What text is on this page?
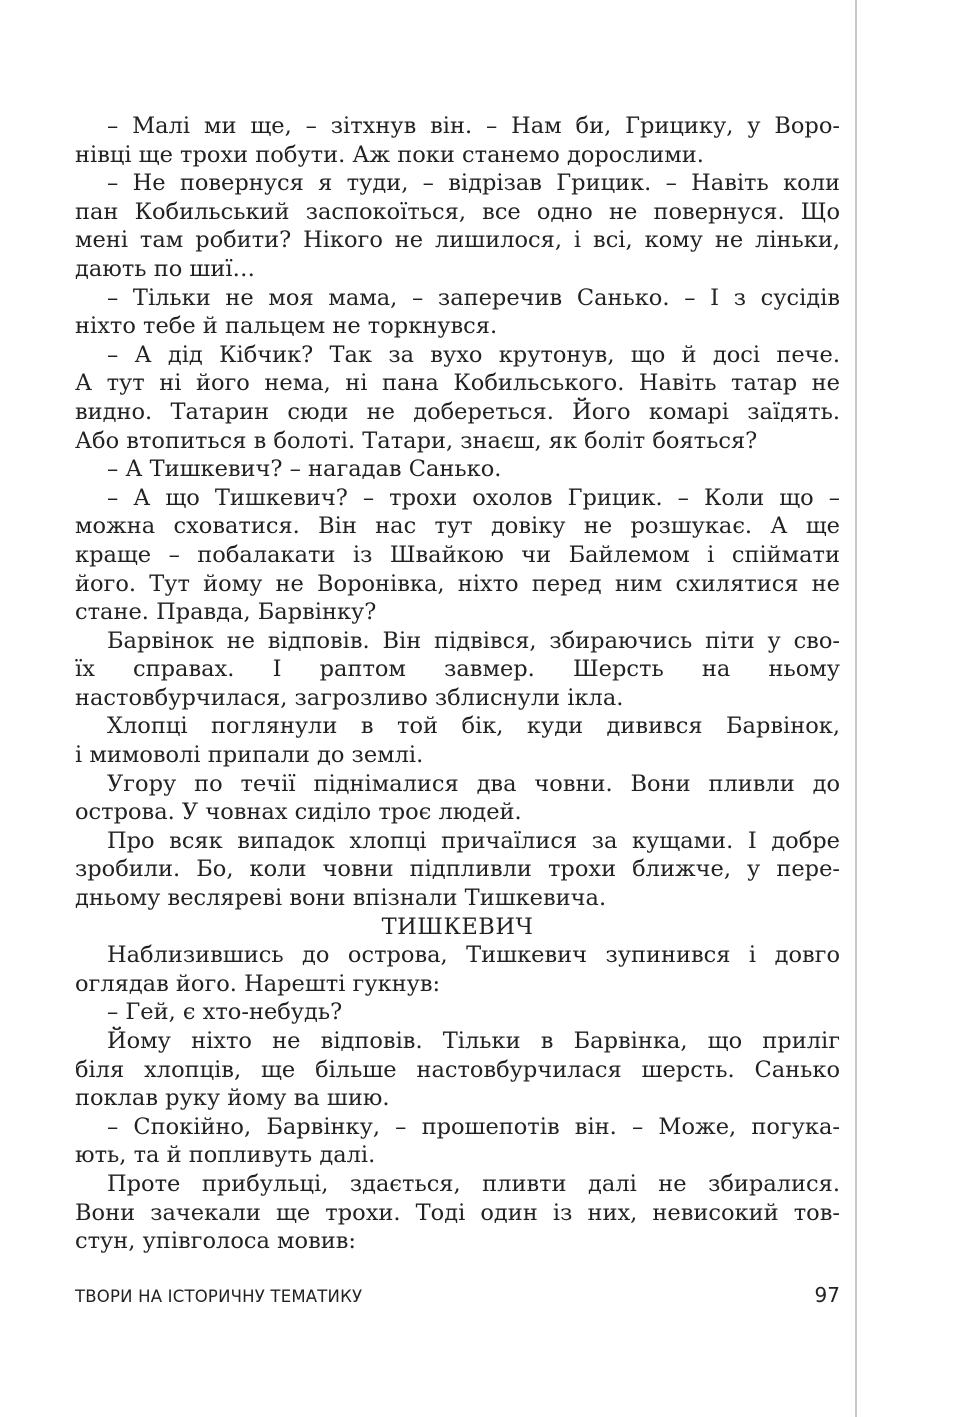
– Малі ми ще, – зітхнув він. – Нам би, Грицику, у Воро-
нівці ще трохи побути. Аж поки станемо дорослими.
– Не повернуся я туди, – відрізав Грицик. – Навіть коли
пан Кобильський заспокоїться, все одно не повернуся. Що
мені там робити? Нікого не лишилося, і всі, кому не ліньки,
дають по шиї…
– Тільки не моя мама, – заперечив Санько. – І з сусідів
ніхто тебе й пальцем не торкнувся.
– А дід Кібчик? Так за вухо крутонув, що й досі пече.
А тут ні його нема, ні пана Кобильського. Навіть татар не
видно. Татарин сюди не добереться. Його комарі заїдять.
Або втопиться в болоті. Татари, знаєш, як боліт бояться?
– А Тишкевич? – нагадав Санько.
– А що Тишкевич? – трохи охолов Грицик. – Коли що –
можна сховатися. Він нас тут довіку не розшукає. А ще
краще – побалакати із Швайкою чи Байлемом і спіймати
його. Тут йому не Воронівка, ніхто перед ним схилятися не
стане. Правда, Барвінку?
Барвінок не відповів. Він підвівся, збираючись піти у сво-
їх справах. І раптом завмер. Шерсть на ньому
настовбурчилася, загрозливо зблиснули ікла.
Хлопці поглянули в той бік, куди дивився Барвінок,
і мимоволі припали до землі.
Угору по течії піднімалися два човни. Вони пливли до
острова. У човнах сиділо троє людей.
Про всяк випадок хлопці причаїлися за кущами. І добре
зробили. Бо, коли човни підпливли трохи ближче, у пере-
дньому весляреві вони впізнали Тишкевича.
ТИШКЕВИЧ
Наблизившись до острова, Тишкевич зупинився і довго
оглядав його. Нарешті гукнув:
– Гей, є хто-небудь?
Йому ніхто не відповів. Тільки в Барвінка, що приліг
біля хлопців, ще більше настовбурчилася шерсть. Санько
поклав руку йому ва шию.
– Спокійно, Барвінку, – прошепотів він. – Може, погука-
ють, та й попливуть далі.
Проте прибульці, здається, пливти далі не збиралися.
Вони зачекали ще трохи. Тоді один із них, невисокий тов-
стун, упівголоса мовив:
ТВОРИ НА ІСТОРИЧНУ ТЕМАТИКУ	97
